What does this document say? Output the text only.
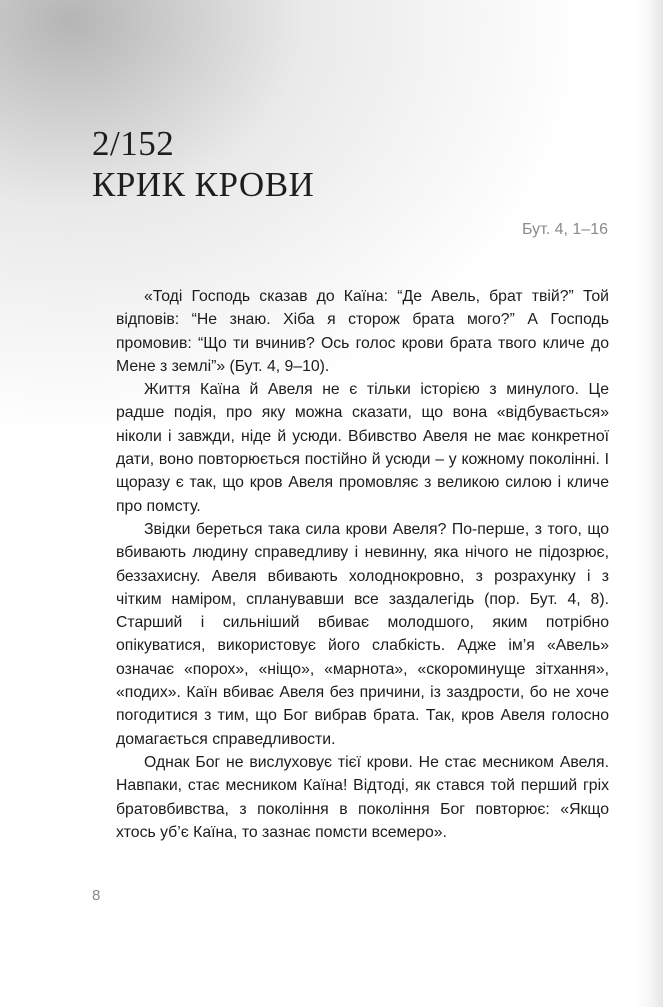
2/152
КРИК КРОВИ
Бут. 4, 1–16

«Тоді Господь сказав до Каїна: “Де Авель, брат твій?” Той відповів: “Не знаю. Хіба я сторож брата мого?” А Господь промовив: “Що ти вчинив? Ось голос крови брата твого кличе до Мене з землі”» (Бут. 4, 9–10).

Життя Каїна й Авеля не є тільки історією з минулого. Це радше подія, про яку можна сказати, що вона «відбувається» ніколи і завжди, ніде й усюди. Вбивство Авеля не має конкретної дати, воно повторюється постійно й усюди – у кожному поколінні. І щоразу є так, що кров Авеля промовляє з великою силою і кличе про помсту.

Звідки береться така сила крови Авеля? По-перше, з того, що вбивають людину справедливу і невинну, яка нічого не підозрює, беззахисну. Авеля вбивають холоднокровно, з розрахунку і з чітким наміром, спланувавши все заздалегідь (пор. Бут. 4, 8). Старший і сильніший вбиває молодшого, яким потрібно опікуватися, використовує його слабкість. Адже ім’я «Авель» означає «порох», «ніщо», «марнота», «скороминуще зітхання», «подих». Каїн вбиває Авеля без причини, із заздрости, бо не хоче погодитися з тим, що Бог вибрав брата. Так, кров Авеля голосно домагається справедливости.

Однак Бог не вислуховує тієї крови. Не стає месником Авеля. Навпаки, стає месником Каїна! Відтоді, як стався той перший гріх братовбивства, з покоління в покоління Бог повторює: «Якщо хтось уб’є Каїна, то зазнає помсти всемеро».

8
